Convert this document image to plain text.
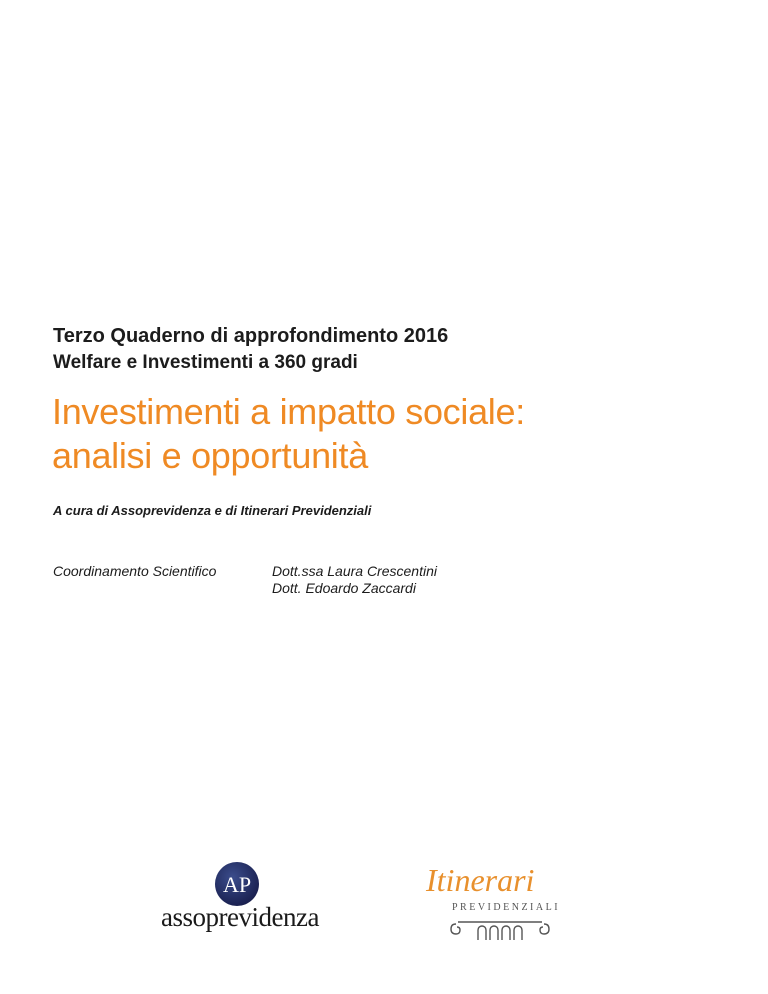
Terzo Quaderno di approfondimento 2016
Welfare e Investimenti a 360 gradi
Investimenti a impatto sociale:
analisi e opportunità
A cura di Assoprevidenza e di Itinerari Previdenziali
Coordinamento Scientifico	Dott.ssa Laura Crescentini
Dott. Edoardo Zaccardi
AP
assoprevidenza
Itinerari
PREVIDENZIALI
